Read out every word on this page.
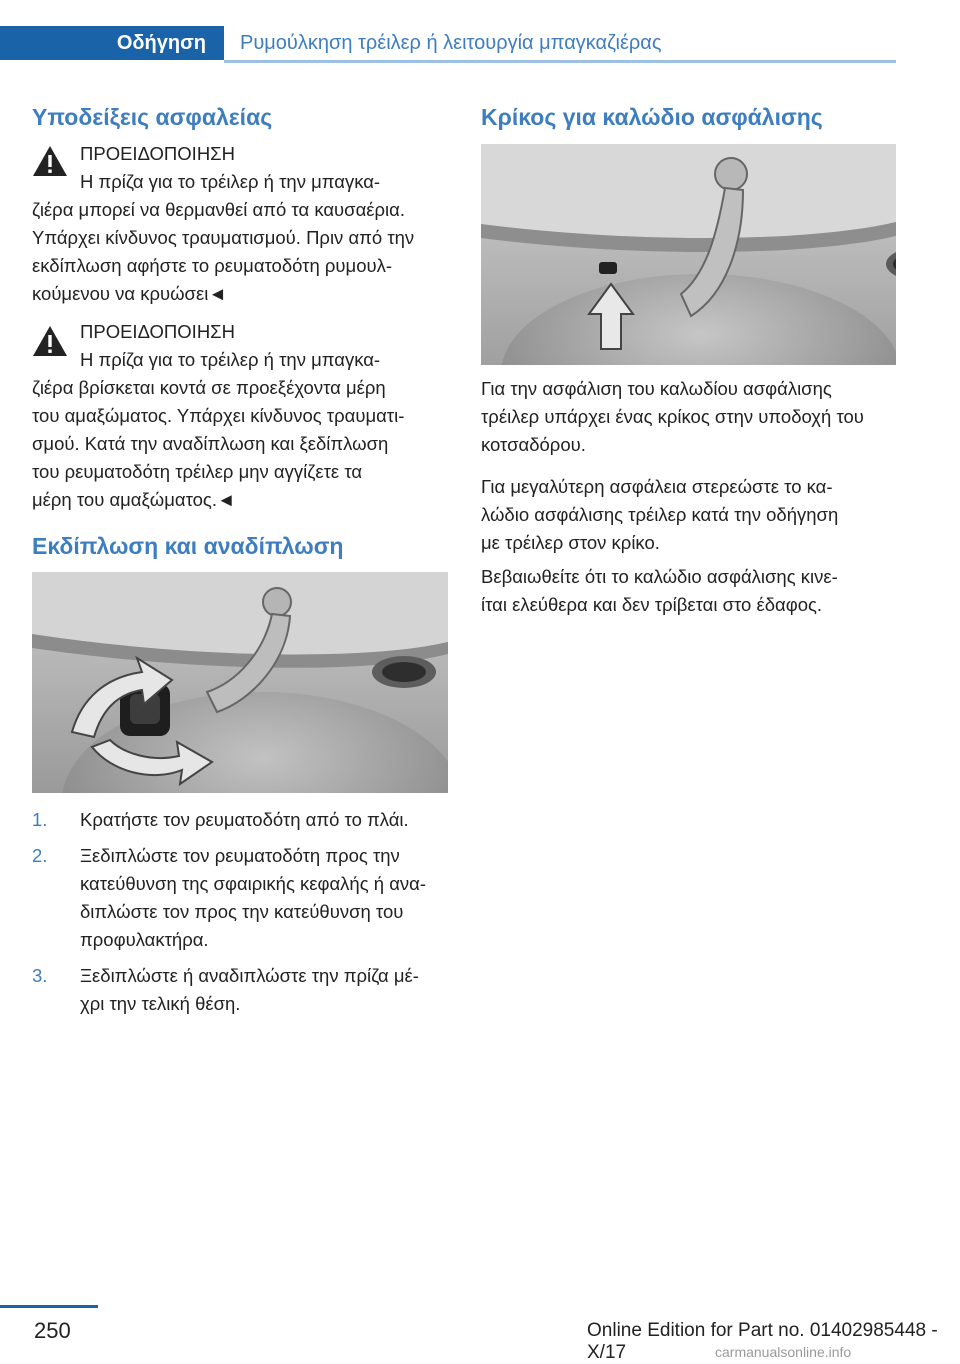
Οδήγηση	Ρυμούλκηση τρέιλερ ή λειτουργία μπαγκαζιέρας
Υποδείξεις ασφαλείας
ΠΡΟΕΙΔΟΠΟΙΗΣΗ
Η πρίζα για το τρέιλερ ή την μπαγκα-
ζιέρα μπορεί να θερμανθεί από τα καυσαέρια.
Υπάρχει κίνδυνος τραυματισμού. Πριν από την
εκδίπλωση αφήστε το ρευματοδότη ρυμουλ-
κούμενου να κρυώσει◄
ΠΡΟΕΙΔΟΠΟΙΗΣΗ
Η πρίζα για το τρέιλερ ή την μπαγκα-
ζιέρα βρίσκεται κοντά σε προεξέχοντα μέρη
του αμαξώματος. Υπάρχει κίνδυνος τραυματι-
σμού. Κατά την αναδίπλωση και ξεδίπλωση
του ρευματοδότη τρέιλερ μην αγγίζετε τα
μέρη του αμαξώματος.◄
Εκδίπλωση και αναδίπλωση
1. Κρατήστε τον ρευματοδότη από το πλάι.
2. Ξεδιπλώστε τον ρευματοδότη προς την
κατεύθυνση της σφαιρικής κεφαλής ή ανα-
διπλώστε τον προς την κατεύθυνση του
προφυλακτήρα.
3. Ξεδιπλώστε ή αναδιπλώστε την πρίζα μέ-
χρι την τελική θέση.
Κρίκος για καλώδιο ασφάλισης
Για την ασφάλιση του καλωδίου ασφάλισης
τρέιλερ υπάρχει ένας κρίκος στην υποδοχή του
κοτσαδόρου.
Για μεγαλύτερη ασφάλεια στερεώστε το κα-
λώδιο ασφάλισης τρέιλερ κατά την οδήγηση
με τρέιλερ στον κρίκο.
Βεβαιωθείτε ότι το καλώδιο ασφάλισης κινε-
ίται ελεύθερα και δεν τρίβεται στο έδαφος.
250	Online Edition for Part no. 01402985448 - X/17	carmanualsonline.info
